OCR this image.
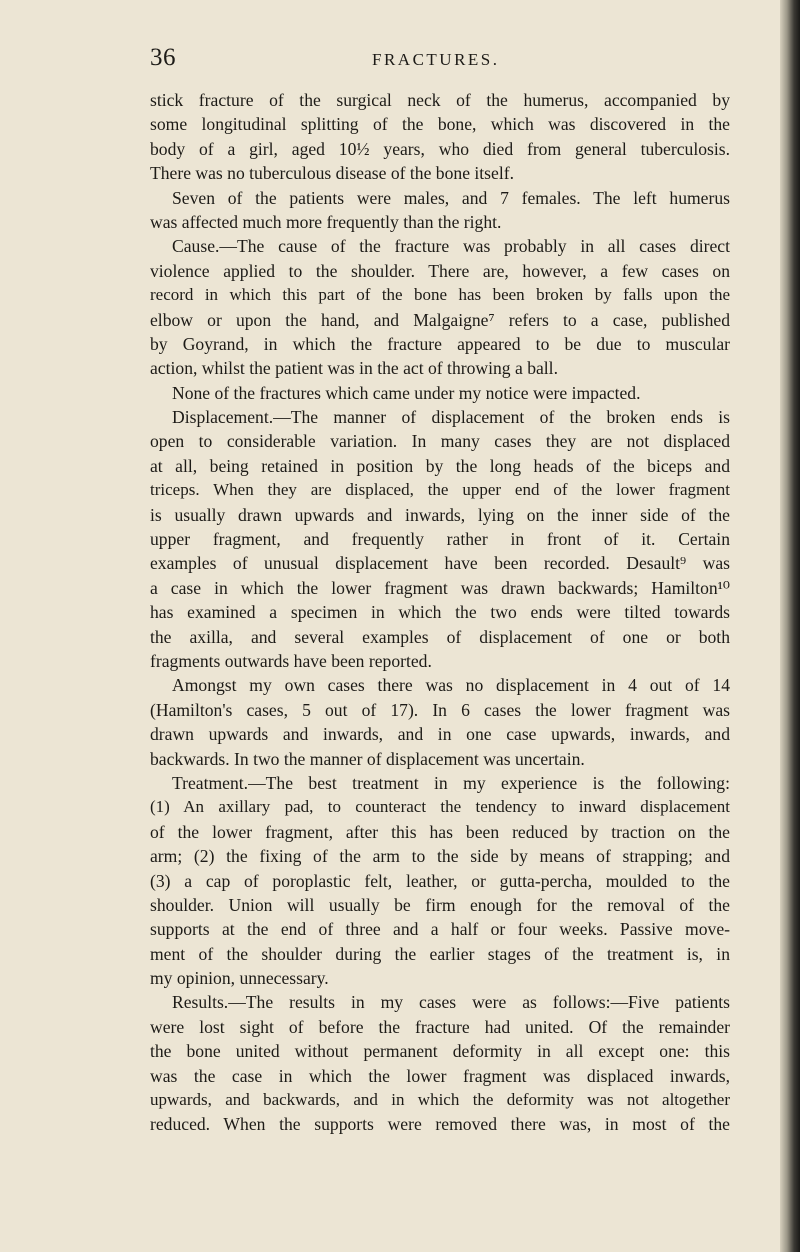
36	FRACTURES.
stick fracture of the surgical neck of the humerus, accompanied by
some longitudinal splitting of the bone, which was discovered in the
body of a girl, aged 10½ years, who died from general tuberculosis.
There was no tuberculous disease of the bone itself.
Seven of the patients were males, and 7 females. The left humerus
was affected much more frequently than the right.
Cause.—The cause of the fracture was probably in all cases direct
violence applied to the shoulder. There are, however, a few cases on
record in which this part of the bone has been broken by falls upon the
elbow or upon the hand, and Malgaigne⁷ refers to a case, published
by Goyrand, in which the fracture appeared to be due to muscular
action, whilst the patient was in the act of throwing a ball.
None of the fractures which came under my notice were impacted.
Displacement.—The manner of displacement of the broken ends is
open to considerable variation. In many cases they are not displaced
at all, being retained in position by the long heads of the biceps and
triceps. When they are displaced, the upper end of the lower fragment
is usually drawn upwards and inwards, lying on the inner side of the
upper fragment, and frequently rather in front of it. Certain
examples of unusual displacement have been recorded. Desault⁹ was
a case in which the lower fragment was drawn backwards; Hamilton¹⁰
has examined a specimen in which the two ends were tilted towards
the axilla, and several examples of displacement of one or both
fragments outwards have been reported.
Amongst my own cases there was no displacement in 4 out of 14
(Hamilton's cases, 5 out of 17). In 6 cases the lower fragment was
drawn upwards and inwards, and in one case upwards, inwards, and
backwards. In two the manner of displacement was uncertain.
Treatment.—The best treatment in my experience is the following:
(1) An axillary pad, to counteract the tendency to inward displacement
of the lower fragment, after this has been reduced by traction on the
arm; (2) the fixing of the arm to the side by means of strapping; and
(3) a cap of poroplastic felt, leather, or gutta-percha, moulded to the
shoulder. Union will usually be firm enough for the removal of the
supports at the end of three and a half or four weeks. Passive move-
ment of the shoulder during the earlier stages of the treatment is, in
my opinion, unnecessary.
Results.—The results in my cases were as follows:—Five patients
were lost sight of before the fracture had united. Of the remainder
the bone united without permanent deformity in all except one: this
was the case in which the lower fragment was displaced inwards,
upwards, and backwards, and in which the deformity was not altogether
reduced. When the supports were removed there was, in most of the
